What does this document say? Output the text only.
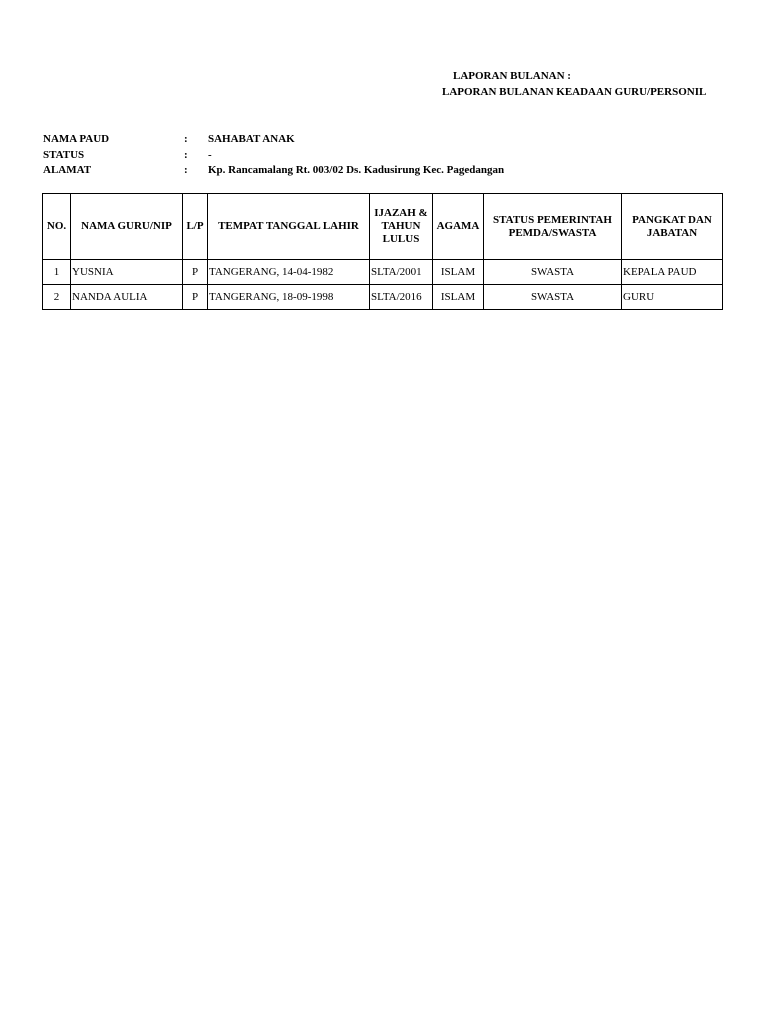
LAPORAN BULANAN :
LAPORAN BULANAN KEADAAN GURU/PERSONIL
NAMA PAUD	:	SAHABAT ANAK
STATUS	:	-
ALAMAT	:	Kp. Rancamalang Rt. 003/02 Ds. Kadusirung Kec. Pagedangan
NO.	NAMA GURU/NIP	L/P	TEMPAT TANGGAL LAHIR	IJAZAH & TAHUN LULUS	AGAMA	STATUS PEMERINTAH PEMDA/SWASTA	PANGKAT DAN JABATAN
1	YUSNIA	P	TANGERANG, 14-04-1982	SLTA/2001	ISLAM	SWASTA	KEPALA PAUD
2	NANDA AULIA	P	TANGERANG, 18-09-1998	SLTA/2016	ISLAM	SWASTA	GURU
